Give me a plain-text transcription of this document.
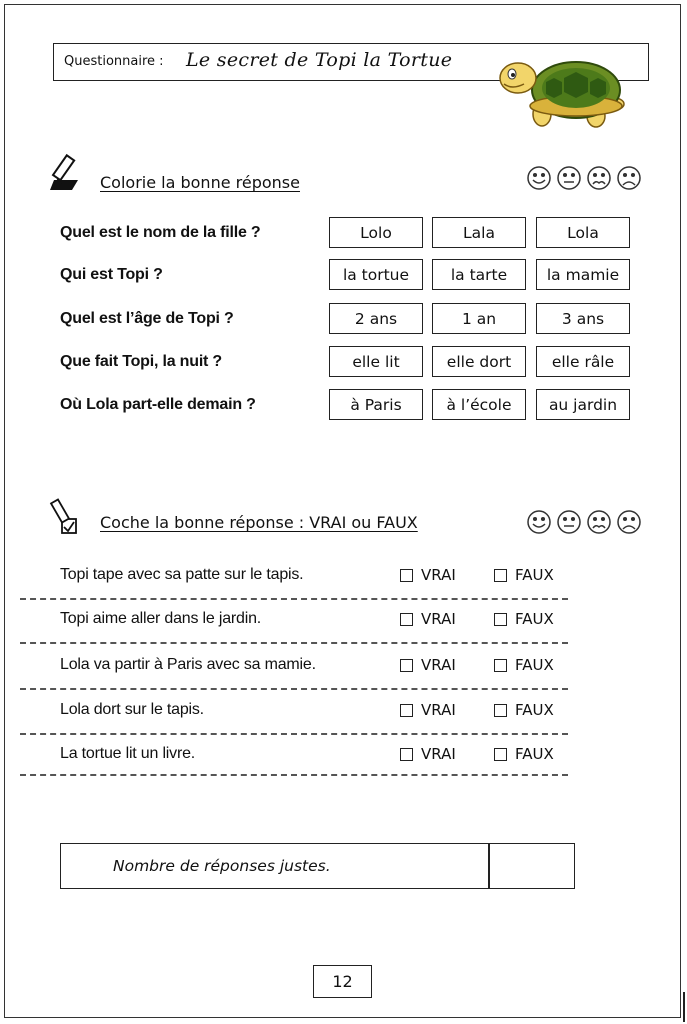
Questionnaire : Le secret de Topi la Tortue
Colorie la bonne réponse
Quel est le nom de la fille ?	Lolo	Lala	Lola
Qui est Topi ?	la tortue	la tarte	la mamie
Quel est l’âge de Topi ?	2 ans	1 an	3 ans
Que fait Topi, la nuit ?	elle lit	elle dort	elle râle
Où Lola part-elle demain ?	à Paris	à l’école	au jardin
Coche la bonne réponse : VRAI ou FAUX
Topi tape avec sa patte sur le tapis.	VRAI	FAUX
Topi aime aller dans le jardin.	VRAI	FAUX
Lola va partir à Paris avec sa mamie.	VRAI	FAUX
Lola dort sur le tapis.	VRAI	FAUX
La tortue lit un livre.	VRAI	FAUX
Nombre de réponses justes.
12
